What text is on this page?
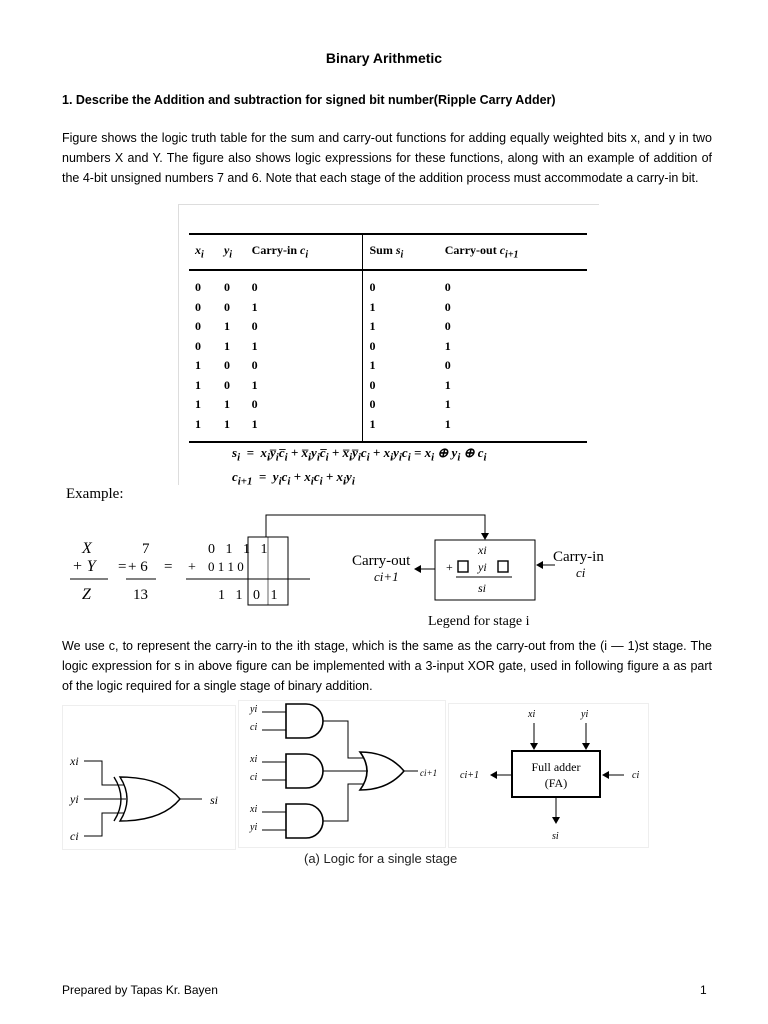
Binary Arithmetic
1. Describe the Addition and subtraction for signed bit number(Ripple Carry Adder)
Figure shows the logic truth table for the sum and carry-out functions for adding equally weighted bits x, and y in two numbers X and Y. The figure also shows logic expressions for these functions, along with an example of addition of the 4-bit unsigned numbers 7 and 6. Note that each stage of the addition process must accommodate a carry-in bit.
$x_i$	$y_i$	Carry-in $c_i$	Sum $s_i$	Carry-out $c_{i+1}$
0	0	0	0	0
0	0	1	1	0
0	1	0	1	0
0	1	1	0	1
1	0	0	1	0
1	0	1	0	1
1	1	0	0	1
1	1	1	1	1
$s_i$  =  $x_iy̅_ic̅_i$ + $x̅_iy_ic̅_i$ + $x̅_iy̅_ic_i + x_iy_ic_i = x_i$ ⊕ $y_i$ ⊕ $c_i$
$c_{i+1} = y_ic_i + x_ic_i + x_iy_i$
Example:
X
+ Y
Z
=
7
+ 6
13
=
0   1   1   1
+ 0 1 1 0
1   1   0   1
xi
+ yi
si
Carry-out
ci+1
Carry-in
ci
Legend for stage i
We use c, to represent the carry-in to the ith stage, which is the same as the carry-out from the (i — 1)st stage. The logic expression for s in above figure can be implemented with a 3-input XOR gate, used in following figure a as part of the logic required for a single stage of binary addition.
xi
yi
ci
si
yi
ci
xi
ci
xi
yi
ci+1
xi	yi
Full adder
(FA)
ci+1	ci
si
(a) Logic for a single stage
Prepared by Tapas Kr. Bayen	1
